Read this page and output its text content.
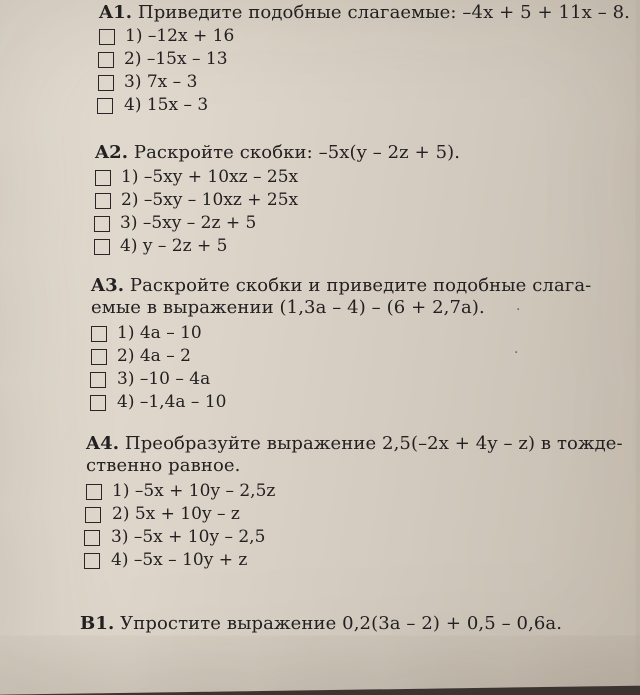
A1. Приведите подобные слагаемые: –4x + 5 + 11x – 8.
1) –12x + 16
2) –15x – 13
3) 7x – 3
4) 15x – 3
A2. Раскройте скобки: –5x(y – 2z + 5).
1) –5xy + 10xz – 25x
2) –5xy – 10xz + 25x
3) –5xy – 2z + 5
4) y – 2z + 5
A3. Раскройте скобки и приведите подобные слага-
емые в выражении (1,3a – 4) – (6 + 2,7a).
1) 4a – 10
2) 4a – 2
3) –10 – 4a
4) –1,4a – 10
A4. Преобразуйте выражение 2,5(–2x + 4y – z) в тожде-
ственно равное.
1) –5x + 10y – 2,5z
2) 5x + 10y – z
3) –5x + 10y – 2,5
4) –5x – 10y + z
B1. Упростите выражение 0,2(3a – 2) + 0,5 – 0,6a.
·
·
